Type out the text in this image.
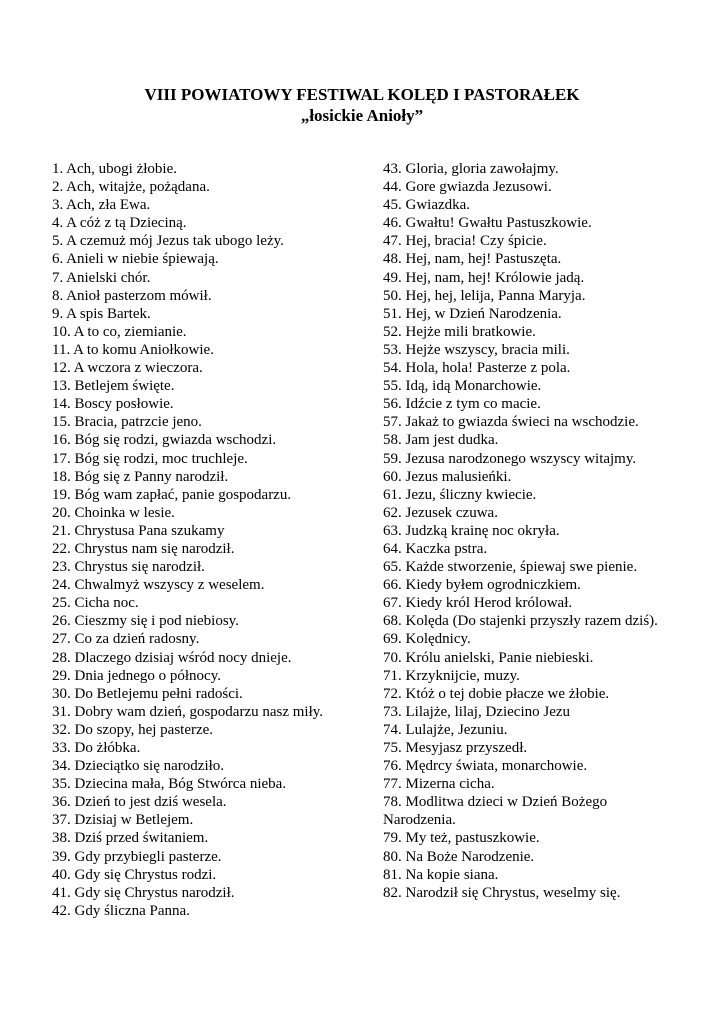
VIII POWIATOWY FESTIWAL KOLĘD I PASTORAŁEK
„łosickie Anioły”
1. Ach, ubogi żłobie.
2. Ach, witajże, pożądana.
3. Ach, zła Ewa.
4. A cóż z tą Dzieciną.
5. A czemuż mój Jezus tak ubogo leży.
6. Anieli w niebie śpiewają.
7. Anielski chór.
8. Anioł pasterzom mówił.
9. A spis Bartek.
10. A to co, ziemianie.
11. A to komu Aniołkowie.
12. A wczora z wieczora.
13. Betlejem święte.
14. Boscy posłowie.
15. Bracia, patrzcie jeno.
16. Bóg się rodzi, gwiazda wschodzi.
17. Bóg się rodzi, moc truchleje.
18. Bóg się z Panny narodził.
19. Bóg wam zapłać, panie gospodarzu.
20. Choinka w lesie.
21. Chrystusa Pana szukamy
22. Chrystus nam się narodził.
23. Chrystus się narodził.
24. Chwalmyż wszyscy z weselem.
25. Cicha noc.
26. Cieszmy się i pod niebiosy.
27. Co za dzień radosny.
28. Dlaczego dzisiaj wśród nocy dnieje.
29. Dnia jednego o północy.
30. Do Betlejemu pełni radości.
31. Dobry wam dzień, gospodarzu nasz miły.
32. Do szopy, hej pasterze.
33. Do żłóbka.
34. Dzieciątko się narodziło.
35. Dziecina mała, Bóg Stwórca nieba.
36. Dzień to jest dziś wesela.
37. Dzisiaj w Betlejem.
38. Dziś przed świtaniem.
39. Gdy przybiegli pasterze.
40. Gdy się Chrystus rodzi.
41. Gdy się Chrystus narodził.
42. Gdy śliczna Panna.
43. Gloria, gloria zawołajmy.
44. Gore gwiazda Jezusowi.
45. Gwiazdka.
46. Gwałtu! Gwałtu Pastuszkowie.
47. Hej, bracia! Czy śpicie.
48. Hej, nam, hej! Pastuszęta.
49. Hej, nam, hej! Królowie jadą.
50. Hej, hej, lelija, Panna Maryja.
51. Hej, w Dzień Narodzenia.
52. Hejże mili bratkowie.
53. Hejże wszyscy, bracia mili.
54. Hola, hola! Pasterze z pola.
55. Idą, idą Monarchowie.
56. Idźcie z tym co macie.
57. Jakaż to gwiazda świeci na wschodzie.
58. Jam jest dudka.
59. Jezusa narodzonego wszyscy witajmy.
60. Jezus malusieńki.
61. Jezu, śliczny kwiecie.
62. Jezusek czuwa.
63. Judzką krainę noc okryła.
64. Kaczka pstra.
65. Każde stworzenie, śpiewaj swe pienie.
66. Kiedy byłem ogrodniczkiem.
67. Kiedy król Herod królował.
68. Kolęda (Do stajenki przyszły razem dziś).
69. Kolędnicy.
70. Królu anielski, Panie niebieski.
71. Krzyknijcie, muzy.
72. Któż o tej dobie płacze we żłobie.
73. Lilajże, lilaj, Dziecino Jezu
74. Lulajże, Jezuniu.
75. Mesyjasz przyszedł.
76. Mędrcy świata, monarchowie.
77. Mizerna cicha.
78. Modlitwa dzieci w Dzień Bożego Narodzenia.
79. My też, pastuszkowie.
80. Na Boże Narodzenie.
81. Na kopie siana.
82. Narodził się Chrystus, weselmy się.
